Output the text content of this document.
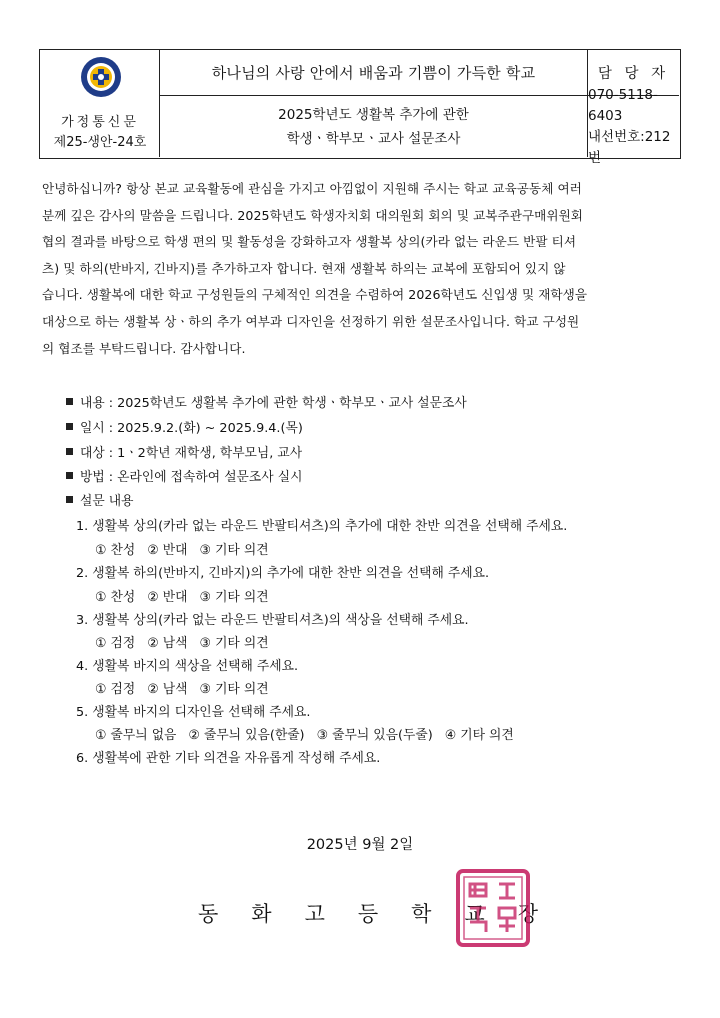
가정통신문
제25-생안-24호
하나님의 사랑 안에서 배움과 기쁨이 가득한 학교
2025학년도 생활복 추가에 관한
학생ㆍ학부모ㆍ교사 설문조사
담 당 자
070-5118-6403
내선번호:212번
안녕하십니까? 항상 본교 교육활동에 관심을 가지고 아낌없이 지원해 주시는 학교 교육공동체 여러
분께 깊은 감사의 말씀을 드립니다. 2025학년도 학생자치회 대의원회 회의 및 교복주관구매위원회
협의 결과를 바탕으로 학생 편의 및 활동성을 강화하고자 생활복 상의(카라 없는 라운드 반팔 티셔
츠) 및 하의(반바지, 긴바지)를 추가하고자 합니다. 현재 생활복 하의는 교복에 포함되어 있지 않
습니다. 생활복에 대한 학교 구성원들의 구체적인 의견을 수렴하여 2026학년도 신입생 및 재학생을
대상으로 하는 생활복 상ㆍ하의 추가 여부과 디자인을 선정하기 위한 설문조사입니다. 학교 구성원
의 협조를 부탁드립니다. 감사합니다.
내용 : 2025학년도 생활복 추가에 관한 학생ㆍ학부모ㆍ교사 설문조사
일시 : 2025.9.2.(화) ~ 2025.9.4.(목)
대상 : 1ㆍ2학년 재학생, 학부모님, 교사
방법 : 온라인에 접속하여 설문조사 실시
설문 내용
1. 생활복 상의(카라 없는 라운드 반팔티셔츠)의 추가에 대한 찬반 의견을 선택해 주세요.
① 찬성 ② 반대 ③ 기타 의견
2. 생활복 하의(반바지, 긴바지)의 추가에 대한 찬반 의견을 선택해 주세요.
① 찬성 ② 반대 ③ 기타 의견
3. 생활복 상의(카라 없는 라운드 반팔티셔츠)의 색상을 선택해 주세요.
① 검정 ② 남색 ③ 기타 의견
4. 생활복 바지의 색상을 선택해 주세요.
① 검정 ② 남색 ③ 기타 의견
5. 생활복 바지의 디자인을 선택해 주세요.
① 줄무늬 없음 ② 줄무늬 있음(한줄) ③ 줄무늬 있음(두줄) ④ 기타 의견
6. 생활복에 관한 기타 의견을 자유롭게 작성해 주세요.
2025년 9월 2일
동화고등학교장
